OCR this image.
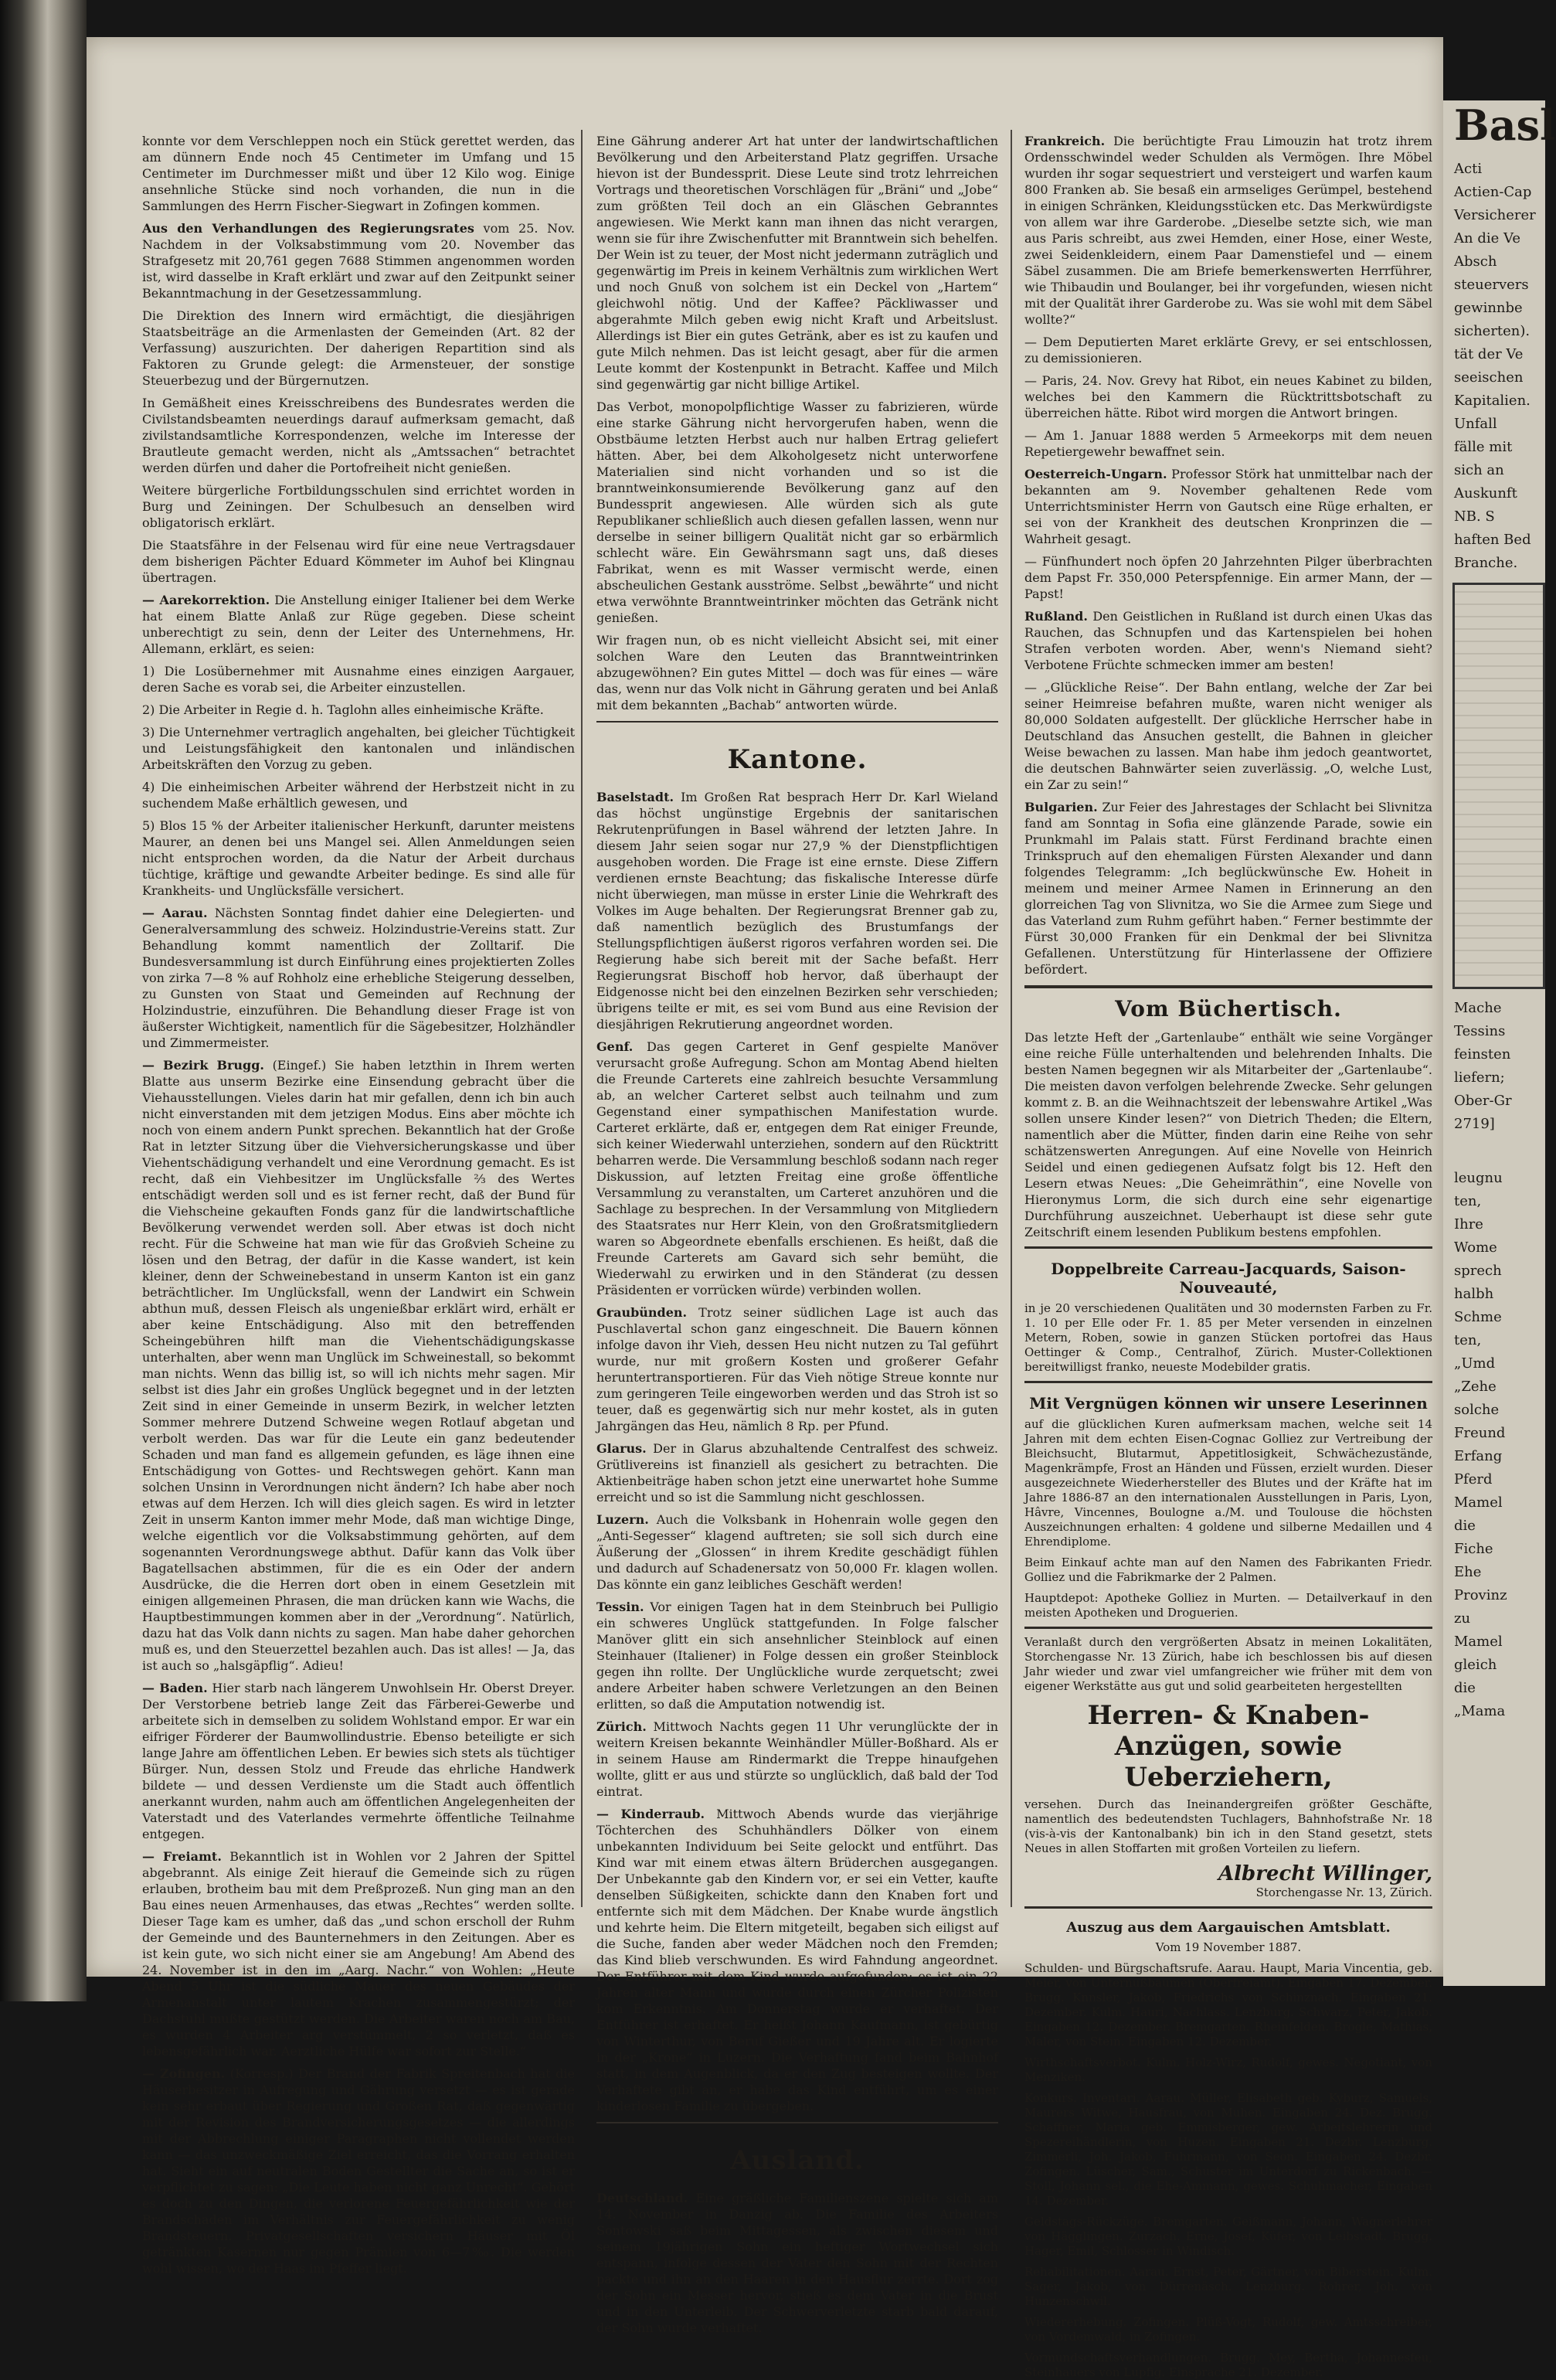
konnte vor dem Verschleppen noch ein Stück gerettet werden, das am dünnern Ende noch 45 Centimeter im Umfang und 15 Centimeter im Durchmesser mißt und über 12 Kilo wog. Einige ansehnliche Stücke sind noch vorhanden, die nun in die Sammlungen des Herrn Fischer-Siegwart in Zofingen kommen.

Aus den Verhandlungen des Regierungsrates vom 25. Nov. Nachdem in der Volksabstimmung vom 20. November das Strafgesetz mit 20,761 gegen 7688 Stimmen angenommen worden ist, wird dasselbe in Kraft erklärt und zwar auf den Zeitpunkt seiner Bekanntmachung in der Gesetzessammlung.

Die Direktion des Innern wird ermächtigt, die diesjährigen Staatsbeiträge an die Armenlasten der Gemeinden (Art. 82 der Verfassung) auszurichten. Der daherigen Repartition sind als Faktoren zu Grunde gelegt: die Armensteuer, der sonstige Steuerbezug und der Bürgernutzen.

In Gemäßheit eines Kreisschreibens des Bundesrates werden die Civilstandsbeamten neuerdings darauf aufmerksam gemacht, daß zivilstandsamtliche Korrespondenzen, welche im Interesse der Brautleute gemacht werden, nicht als „Amtssachen“ betrachtet werden dürfen und daher die Portofreiheit nicht genießen.

Weitere bürgerliche Fortbildungsschulen sind errichtet worden in Burg und Zeiningen. Der Schulbesuch an denselben wird obligatorisch erklärt.

Die Staatsfähre in der Felsenau wird für eine neue Vertragsdauer dem bisherigen Pächter Eduard Kömmeter im Auhof bei Klingnau übertragen.

— Aarekorrektion. Die Anstellung einiger Italiener bei dem Werke hat einem Blatte Anlaß zur Rüge gegeben. Diese scheint unberechtigt zu sein, denn der Leiter des Unternehmens, Hr. Allemann, erklärt, es seien:

1) Die Losübernehmer mit Ausnahme eines einzigen Aargauer, deren Sache es vorab sei, die Arbeiter einzustellen.

2) Die Arbeiter in Regie d. h. Taglohn alles einheimische Kräfte.

3) Die Unternehmer vertraglich angehalten, bei gleicher Tüchtigkeit und Leistungsfähigkeit den kantonalen und inländischen Arbeitskräften den Vorzug zu geben.

4) Die einheimischen Arbeiter während der Herbstzeit nicht in zu suchendem Maße erhältlich gewesen, und

5) Blos 15 % der Arbeiter italienischer Herkunft, darunter meistens Maurer, an denen bei uns Mangel sei. Allen Anmeldungen seien nicht entsprochen worden, da die Natur der Arbeit durchaus tüchtige, kräftige und gewandte Arbeiter bedinge. Es sind alle für Krankheits- und Unglücksfälle versichert.

— Aarau. Nächsten Sonntag findet dahier eine Delegierten- und Generalversammlung des schweiz. Holzindustrie-Vereins statt. Zur Behandlung kommt namentlich der Zolltarif. Die Bundesversammlung ist durch Einführung eines projektierten Zolles von zirka 7—8 % auf Rohholz eine erhebliche Steigerung desselben, zu Gunsten von Staat und Gemeinden auf Rechnung der Holzindustrie, einzuführen. Die Behandlung dieser Frage ist von äußerster Wichtigkeit, namentlich für die Sägebesitzer, Holzhändler und Zimmermeister.

— Bezirk Brugg. (Eingef.) Sie haben letzthin in Ihrem werten Blatte aus unserm Bezirke eine Einsendung gebracht über die Viehausstellungen. Vieles darin hat mir gefallen, denn ich bin auch nicht einverstanden mit dem jetzigen Modus. Eins aber möchte ich noch von einem andern Punkt sprechen. Bekanntlich hat der Große Rat in letzter Sitzung über die Viehversicherungskasse und über Viehentschädigung verhandelt und eine Verordnung gemacht. Es ist recht, daß ein Viehbesitzer im Unglücksfalle ⅔ des Wertes entschädigt werden soll und es ist ferner recht, daß der Bund für die Viehscheine gekauften Fonds ganz für die landwirtschaftliche Bevölkerung verwendet werden soll. Aber etwas ist doch nicht recht. Für die Schweine hat man wie für das Großvieh Scheine zu lösen und den Betrag, der dafür in die Kasse wandert, ist kein kleiner, denn der Schweinebestand in unserm Kanton ist ein ganz beträchtlicher. Im Unglücksfall, wenn der Landwirt ein Schwein abthun muß, dessen Fleisch als ungenießbar erklärt wird, erhält er aber keine Entschädigung. Also mit den betreffenden Scheingebühren hilft man die Viehentschädigungskasse unterhalten, aber wenn man Unglück im Schweinestall, so bekommt man nichts. Wenn das billig ist, so will ich nichts mehr sagen. Mir selbst ist dies Jahr ein großes Unglück begegnet und in der letzten Zeit sind in einer Gemeinde in unserm Bezirk, in welcher letzten Sommer mehrere Dutzend Schweine wegen Rotlauf abgetan und verbolt werden. Das war für die Leute ein ganz bedeutender Schaden und man fand es allgemein gefunden, es läge ihnen eine Entschädigung von Gottes- und Rechtswegen gehört. Kann man solchen Unsinn in Verordnungen nicht ändern? Ich habe aber noch etwas auf dem Herzen. Ich will dies gleich sagen. Es wird in letzter Zeit in unserm Kanton immer mehr Mode, daß man wichtige Dinge, welche eigentlich vor die Volksabstimmung gehörten, auf dem sogenannten Verordnungswege abthut. Dafür kann das Volk über Bagatellsachen abstimmen, für die es ein Oder der andern Ausdrücke, die die Herren dort oben in einem Gesetzlein mit einigen allgemeinen Phrasen, die man drücken kann wie Wachs, die Hauptbestimmungen kommen aber in der „Verordnung“. Natürlich, dazu hat das Volk dann nichts zu sagen. Man habe daher gehorchen muß es, und den Steuerzettel bezahlen auch. Das ist alles! — Ja, das ist auch so „halsgäpflig“. Adieu!

— Baden. Hier starb nach längerem Unwohlsein Hr. Oberst Dreyer. Der Verstorbene betrieb lange Zeit das Färberei-Gewerbe und arbeitete sich in demselben zu solidem Wohlstand empor. Er war ein eifriger Förderer der Baumwollindustrie. Ebenso beteiligte er sich lange Jahre am öffentlichen Leben. Er bewies sich stets als tüchtiger Bürger. Nun, dessen Stolz und Freude das ehrliche Handwerk bildete — und dessen Verdienste um die Stadt auch öffentlich anerkannt wurden, nahm auch am öffentlichen Angelegenheiten der Vaterstadt und des Vaterlandes vermehrte öffentliche Teilnahme entgegen.

— Freiamt. Bekanntlich ist in Wohlen vor 2 Jahren der Spittel abgebrannt. Als einige Zeit hierauf die Gemeinde sich zu rügen erlauben, brotheim bau mit dem Preßprozeß. Nun ging man an den Bau eines neuen Armenhauses, das etwas „Rechtes“ werden sollte. Dieser Tage kam es umher, daß das „und schon erscholl der Ruhm der Gemeinde und des Baunternehmers in den Zeitungen. Aber es ist kein gute, wo sich nicht einer sie am Angebung! Am Abend des 24. November ist in den im „Aarg. Nachr.“ von Wohlen: „Heute Abend 5 Uhr ist die südliche Mauer des neuen Gebäudes der Armenanstalt unter lautem Krachen zusammengestürzt; der Dachstuhl mußte gestützt werden. Die Arbeiter waren noch am Bau, es wurden 4 Arbeiter arg verstümmelt, 2 so verletzt, daß es lebensgefährlich war. Aerztliche Hülfe war sofort zur Stelle.“

— Zofingen. (Korresp.) Der Brand der Fabrik Spreitenbach hat die Häuserbesitzer in Aufregung und Gährung versetzt — es ist gerade kein sehr erbaut über Regierung und Großen Rat, daß gegenwärtig mit der Revision des Brandversicherungsgesetzes — die allerdings mit der Abbrechlung einiger Paragraphen nicht vollendet werden kann — das unzweckmäßige Ziel erreicht, das die Vorrang erhalten hat. Sieht ein auf neutralen Boden Gestellter die Sache an, so ist er verpflichtet zu sagen: „Die Leute haben nicht ganz Unrecht“. Gehört es doch zu den Dingen, die verlorene Feuergefährlichkeit wie der Brandschaden im Verhältnis zur Feuergefährlichkeit zu wenig Brandsteuern. Privatgesellschaften versichern Häuser mit Öl getränkten Kasernen nur gegen Prämien von 6—7‰. Die werden wohl wissen, wo der Haas im Pfeffer liegt.

Eine Gährung anderer Art hat unter der landwirtschaftlichen Bevölkerung und den Arbeiterstand Platz gegriffen. Ursache hievon ist der Bundessprit. Diese Leute sind trotz lehrreichen Vortrags und theoretischen Vorschlägen für „Bräni“ und „Jobe“ zum größten Teil doch an ein Gläschen Gebranntes angewiesen. Wie Merkt kann man ihnen das nicht verargen, wenn sie für ihre Zwischenfutter mit Branntwein sich behelfen. Der Wein ist zu teuer, der Most nicht jedermann zuträglich und gegenwärtig im Preis in keinem Verhältnis zum wirklichen Wert und noch Gnuß von solchem ist ein Deckel von „Hartem“ gleichwohl nötig. Und der Kaffee? Päckliwasser und abgerahmte Milch geben ewig nicht Kraft und Arbeitslust. Allerdings ist Bier ein gutes Getränk, aber es ist zu kaufen und gute Milch nehmen. Das ist leicht gesagt, aber für die armen Leute kommt der Kostenpunkt in Betracht. Kaffee und Milch sind gegenwärtig gar nicht billige Artikel.

Das Verbot, monopolpflichtige Wasser zu fabrizieren, würde eine starke Gährung nicht hervorgerufen haben, wenn die Obstbäume letzten Herbst auch nur halben Ertrag geliefert hätten. Aber, bei dem Alkoholgesetz nicht unterworfene Materialien sind nicht vorhanden und so ist die branntweinkonsumierende Bevölkerung ganz auf den Bundessprit angewiesen. Alle würden sich als gute Republikaner schließlich auch diesen gefallen lassen, wenn nur derselbe in seiner billigern Qualität nicht gar so erbärmlich schlecht wäre. Ein Gewährsmann sagt uns, daß dieses Fabrikat, wenn es mit Wasser vermischt werde, einen abscheulichen Gestank ausströme. Selbst „bewährte“ und nicht etwa verwöhnte Branntweintrinker möchten das Getränk nicht genießen.

Wir fragen nun, ob es nicht vielleicht Absicht sei, mit einer solchen Ware den Leuten das Branntweintrinken abzugewöhnen? Ein gutes Mittel — doch was für eines — wäre das, wenn nur das Volk nicht in Gährung geraten und bei Anlaß mit dem bekannten „Bachab“ antworten würde.

Kantone.

Baselstadt. Im Großen Rat besprach Herr Dr. Karl Wieland das höchst ungünstige Ergebnis der sanitarischen Rekrutenprüfungen in Basel während der letzten Jahre. In diesem Jahr seien sogar nur 27,9 % der Dienstpflichtigen ausgehoben worden. Die Frage ist eine ernste. Diese Ziffern verdienen ernste Beachtung; das fiskalische Interesse dürfe nicht überwiegen, man müsse in erster Linie die Wehrkraft des Volkes im Auge behalten. Der Regierungsrat Brenner gab zu, daß namentlich bezüglich des Brustumfangs der Stellungspflichtigen äußerst rigoros verfahren worden sei. Die Regierung habe sich bereit mit der Sache befaßt. Herr Regierungsrat Bischoff hob hervor, daß überhaupt der Eidgenosse nicht bei den einzelnen Bezirken sehr verschieden; übrigens teilte er mit, es sei vom Bund aus eine Revision der diesjährigen Rekrutierung angeordnet worden.

Genf. Das gegen Carteret in Genf gespielte Manöver verursacht große Aufregung. Schon am Montag Abend hielten die Freunde Carterets eine zahlreich besuchte Versammlung ab, an welcher Carteret selbst auch teilnahm und zum Gegenstand einer sympathischen Manifestation wurde. Carteret erklärte, daß er, entgegen dem Rat einiger Freunde, sich keiner Wiederwahl unterziehen, sondern auf den Rücktritt beharren werde. Die Versammlung beschloß sodann nach reger Diskussion, auf letzten Freitag eine große öffentliche Versammlung zu veranstalten, um Carteret anzuhören und die Sachlage zu besprechen. In der Versammlung von Mitgliedern des Staatsrates nur Herr Klein, von den Großratsmitgliedern waren so Abgeordnete ebenfalls erschienen. Es heißt, daß die Freunde Carterets am Gavard sich sehr bemüht, die Wiederwahl zu erwirken und in den Ständerat (zu dessen Präsidenten er vorrücken würde) verbinden wollen.

Graubünden. Trotz seiner südlichen Lage ist auch das Puschlavertal schon ganz eingeschneit. Die Bauern können infolge davon ihr Vieh, dessen Heu nicht nutzen zu Tal geführt wurde, nur mit großern Kosten und großerer Gefahr heruntertransportieren. Für das Vieh nötige Streue konnte nur zum geringeren Teile eingeworben werden und das Stroh ist so teuer, daß es gegenwärtig sich nur mehr kostet, als in guten Jahrgängen das Heu, nämlich 8 Rp. per Pfund.

Glarus. Der in Glarus abzuhaltende Centralfest des schweiz. Grütlivereins ist finanziell als gesichert zu betrachten. Die Aktienbeiträge haben schon jetzt eine unerwartet hohe Summe erreicht und so ist die Sammlung nicht geschlossen.

Luzern. Auch die Volksbank in Hohenrain wolle gegen den „Anti-Segesser“ klagend auftreten; sie soll sich durch eine Äußerung der „Glossen“ in ihrem Kredite geschädigt fühlen und dadurch auf Schadenersatz von 50,000 Fr. klagen wollen. Das könnte ein ganz leibliches Geschäft werden!

Tessin. Vor einigen Tagen hat in dem Steinbruch bei Pulligio ein schweres Unglück stattgefunden. In Folge falscher Manöver glitt ein sich ansehnlicher Steinblock auf einen Steinhauer (Italiener) in Folge dessen ein großer Steinblock gegen ihn rollte. Der Unglückliche wurde zerquetscht; zwei andere Arbeiter haben schwere Verletzungen an den Beinen erlitten, so daß die Amputation notwendig ist.

Zürich. Mittwoch Nachts gegen 11 Uhr verunglückte der in weitern Kreisen bekannte Weinhändler Müller-Boßhard. Als er in seinem Hause am Rindermarkt die Treppe hinaufgehen wollte, glitt er aus und stürzte so unglücklich, daß bald der Tod eintrat.

— Kinderraub. Mittwoch Abends wurde das vierjährige Töchterchen des Schuhhändlers Dölker von einem unbekannten Individuum bei Seite gelockt und entführt. Das Kind war mit einem etwas ältern Brüderchen ausgegangen. Der Unbekannte gab den Kindern vor, er sei ein Vetter, kaufte denselben Süßigkeiten, schickte dann den Knaben fort und entfernte sich mit dem Mädchen. Der Knabe wurde ängstlich und kehrte heim. Die Eltern mitgeteilt, begaben sich eiligst auf die Suche, fanden aber weder Mädchen noch den Fremden; das Kind blieb verschwunden. Es wird Fahndung angeordnet. Der Entführer mit dem Kind wurde aufgefunden; es ist ein 22 Jahren alter Mann und wurde durch einen Zürcher Polizisten kom Erkenntnis. Am Donnerstag wurde er verhaftet. Der Entführer ist erhaftet. Er heißt Johann Kaufmann, ist gebürtig von Winterthur, von Beruf Gießer und 19 Jahre alt. Er logierte in der „Krone“ in Luzern. Die Verhaftung fand beim Bahnhof statt, in dem Augenblick, da er den Zug besteigen wollte. Der Verhaftete gibt an, er habe das Kind entführt, um es einer kinderlosen Familie zu übergeben.

Ausland.

Deutschland. Eine gräßliche Familienszene spielte sich am 14. November in Danzig ab. Die Familie des Arbeiters Sontowski saß beim Mittagessen, als zwischen diesem und seinem 19jährigen Sohn ein heftiger Wortwechsel sich entspann, infolge dessen der Vater den Sohn mit der Rechten packte und ihn an den Haaren in den Hausflur zerrte. Dort zog der Sohn ein Messer hervor, stieß es dem Vater in die Brust und in den Unterleib. Der Schwerverletzte starb bald darauf, der Sohn wurde verhaftet.

Frankreich. Die berüchtigte Frau Limouzin hat trotz ihrem Ordensschwindel weder Schulden als Vermögen. Ihre Möbel wurden ihr sogar sequestriert und versteigert und warfen kaum 800 Franken ab. Sie besaß ein armseliges Gerümpel, bestehend in einigen Schränken, Kleidungsstücken etc. Das Merkwürdigste von allem war ihre Garderobe. „Dieselbe setzte sich, wie man aus Paris schreibt, aus zwei Hemden, einer Hose, einer Weste, zwei Seidenkleidern, einem Paar Damenstiefel und — einem Säbel zusammen. Die am Briefe bemerkenswerten Herrführer, wie Thibaudin und Boulanger, bei ihr vorgefunden, wiesen nicht mit der Qualität ihrer Garderobe zu. Was sie wohl mit dem Säbel wollte?“

— Dem Deputierten Maret erklärte Grevy, er sei entschlossen, zu demissionieren.

— Paris, 24. Nov. Grevy hat Ribot, ein neues Kabinet zu bilden, welches bei den Kammern die Rücktrittsbotschaft zu überreichen hätte. Ribot wird morgen die Antwort bringen.

— Am 1. Januar 1888 werden 5 Armeekorps mit dem neuen Repetiergewehr bewaffnet sein.

Oesterreich-Ungarn. Professor Störk hat unmittelbar nach der bekannten am 9. November gehaltenen Rede vom Unterrichtsminister Herrn von Gautsch eine Rüge erhalten, er sei von der Krankheit des deutschen Kronprinzen die — Wahrheit gesagt.

— Fünfhundert noch öpfen 20 Jahrzehnten Pilger überbrachten dem Papst Fr. 350,000 Peterspfennige. Ein armer Mann, der — Papst!

Rußland. Den Geistlichen in Rußland ist durch einen Ukas das Rauchen, das Schnupfen und das Kartenspielen bei hohen Strafen verboten worden. Aber, wenn's Niemand sieht? Verbotene Früchte schmecken immer am besten!

— „Glückliche Reise“. Der Bahn entlang, welche der Zar bei seiner Heimreise befahren mußte, waren nicht weniger als 80,000 Soldaten aufgestellt. Der glückliche Herrscher habe in Deutschland das Ansuchen gestellt, die Bahnen in gleicher Weise bewachen zu lassen. Man habe ihm jedoch geantwortet, die deutschen Bahnwärter seien zuverlässig. „O, welche Lust, ein Zar zu sein!“

Bulgarien. Zur Feier des Jahrestages der Schlacht bei Slivnitza fand am Sonntag in Sofia eine glänzende Parade, sowie ein Prunkmahl im Palais statt. Fürst Ferdinand brachte einen Trinkspruch auf den ehemaligen Fürsten Alexander und dann folgendes Telegramm: „Ich beglückwünsche Ew. Hoheit in meinem und meiner Armee Namen in Erinnerung an den glorreichen Tag von Slivnitza, wo Sie die Armee zum Siege und das Vaterland zum Ruhm geführt haben.“ Ferner bestimmte der Fürst 30,000 Franken für ein Denkmal der bei Slivnitza Gefallenen. Unterstützung für Hinterlassene der Offiziere befördert.

Vom Büchertisch.

Das letzte Heft der „Gartenlaube“ enthält wie seine Vorgänger eine reiche Fülle unterhaltenden und belehrenden Inhalts. Die besten Namen begegnen wir als Mitarbeiter der „Gartenlaube“. Die meisten davon verfolgen belehrende Zwecke. Sehr gelungen kommt z. B. an die Weihnachtszeit der lebenswahre Artikel „Was sollen unsere Kinder lesen?“ von Dietrich Theden; die Eltern, namentlich aber die Mütter, finden darin eine Reihe von sehr schätzenswerten Anregungen. Auf eine Novelle von Heinrich Seidel und einen gediegenen Aufsatz folgt bis 12. Heft den Lesern etwas Neues: „Die Geheimräthin“, eine Novelle von Hieronymus Lorm, die sich durch eine sehr eigenartige Durchführung auszeichnet. Ueberhaupt ist diese sehr gute Zeitschrift einem lesenden Publikum bestens empfohlen.

Doppelbreite Carreau-Jacquards, Saison-Nouveauté,

in je 20 verschiedenen Qualitäten und 30 modernsten Farben zu Fr. 1. 10 per Elle oder Fr. 1. 85 per Meter versenden in einzelnen Metern, Roben, sowie in ganzen Stücken portofrei das Haus Oettinger & Comp., Centralhof, Zürich. Muster-Collektionen bereitwilligst franko, neueste Modebilder gratis.

Mit Vergnügen können wir unsere Leserinnen

auf die glücklichen Kuren aufmerksam machen, welche seit 14 Jahren mit dem echten Eisen-Cognac Golliez zur Vertreibung der Bleichsucht, Blutarmut, Appetitlosigkeit, Schwächezustände, Magenkrämpfe, Frost an Händen und Füssen, erzielt wurden. Dieser ausgezeichnete Wiederhersteller des Blutes und der Kräfte hat im Jahre 1886-87 an den internationalen Ausstellungen in Paris, Lyon, Hâvre, Vincennes, Boulogne a./M. und Toulouse die höchsten Auszeichnungen erhalten: 4 goldene und silberne Medaillen und 4 Ehrendiplome.

Beim Einkauf achte man auf den Namen des Fabrikanten Friedr. Golliez und die Fabrikmarke der 2 Palmen.

Hauptdepot: Apotheke Golliez in Murten. — Detailverkauf in den meisten Apotheken und Droguerien.

Veranlaßt durch den vergrößerten Absatz in meinen Lokalitäten, Storchengasse Nr. 13 Zürich, habe ich beschlossen bis auf diesen Jahr wieder und zwar viel umfangreicher wie früher mit dem von eigener Werkstätte aus gut und solid gearbeiteten hergestellten

Herren- & Knaben-Anzügen, sowie Ueberziehern,

versehen. Durch das Ineinandergreifen größter Geschäfte, namentlich des bedeutendsten Tuchlagers, Bahnhofstraße Nr. 18 (vis-à-vis der Kantonalbank) bin ich in den Stand gesetzt, stets Neues in allen Stoffarten mit großen Vorteilen zu liefern.

Albrecht Willinger,

Storchengasse Nr. 13, Zürich.

Auszug aus dem Aargauischen Amtsblatt.

Vom 19 November 1887.

Schulden- und Bürgschaftsrufe. Aarau. Haupt, Maria Vincentia, geb. Meier, von Unternußbaumen (Oberfreiamt). Eingaben 17. Dezember. Brugg. Knnsler, Jakob, Friedrichs von Schinznach. Eingaben 21. Dezember. Kulm. Hauri, Nachlass. Lenzburg. Schwarz, Peter, Jakob. Eingaben 12. Dezember. Bremgarten. Rheinfelden. Brogle, Mathias, Maler, von Stein. Eingaben 12. Dezember.

Wirthschaftsverbot. Kulm. Holz-Wirz, Rudolf, gewes. Negotiant, von Menziken.

Konkurs. Inventari. Aarau. Müller, Elisabeth geb. Kyburz, Samuels, Maurers Witwe, Hausfrau, von Muhen. Eingaben 24. Dez. Brugg. Schaffner, Maria geb. Emmisberger, gew. Arbeitslehrerin und Spezereihändlerin, von Huzen. Eingaben 21. Dezbr. Lenzburg. Zimmerli, Joh. Jakob, Fuhrmann, von Seon. Eingaben 24. Dezbr. Zofingen. Lüscher, Sam., Schuster im Unterdorf zu Rickenbach. — Stoll, Johann sel., die Ehe-Ammann, gewes. Schuhmacher, Eingaben 14. Dezember.

Geldstags-Rückzüge. Bremgarten. Geißmann, Johann, Wagnerlehrer von Hägglingen. Zurzach. Erne, Josef, Küfer, von Leibstadt. Brugg. Hager, Emil, Schlosser in Windisch.

Rehabilitationen. Aarau. Ernst, Peter, Gärtner, von Biberstein. Kulm. Sager, Jakob, von Dürrenäsch. Lenzburg. Rohrer, Joh. von Hunzenschwil.

Wiedererhebung. Zofingen. Plüß-Vogt, Rudolf, gew. Amtsschreiber, von Vordemwald, in Zofingen.

Vormundschaftsverhandlungen. Brugg. Mey, Bertha, Johannesfeu, Steinhauers von Lupfig. Einsprache 21. Dezember.

Basl

Acti

Actien-Cap

Versicherer

An die Ve

Absch

steuervers

gewinnbe

sicherten).

tät der Ve

seeischen

Kapitalien.

Unfall

fälle mit

sich an

Auskunft

NB. S

haften Bed

Branche.

Mache

Tessins

feinsten

liefern;

Ober-Gr

2719]

leugnu

ten,

Ihre

Wome

sprech

halbh

Schme

ten,

„Umd

„Zehe

solche

Freund

Erfang

Pferd

Mamel

die

Fiche

Ehe

Provinz

zu

Mamel

gleich

die

„Mama
